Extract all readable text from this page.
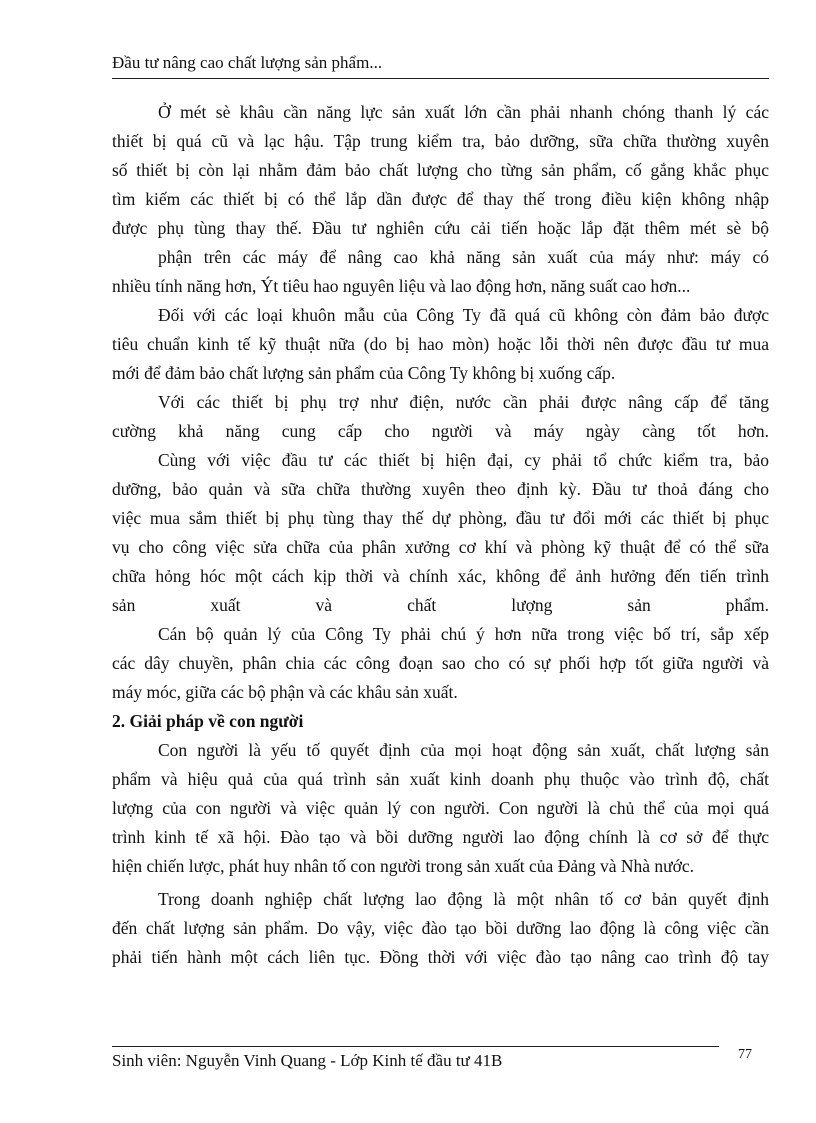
Đầu tư nâng cao chất lượng sản phẩm...
Ở mét sè khâu cần năng lực sản xuất lớn cần phải nhanh chóng thanh lý các
thiết bị quá cũ và lạc hậu. Tập trung kiểm tra, bảo dưỡng, sữa chữa thường xuyên
số thiết bị còn lại nhằm đảm bảo chất lượng cho từng sản phẩm, cố gắng khắc phục
tìm kiếm các thiết bị có thể lắp dần được để thay thế trong điều kiện không nhập
được phụ tùng thay thế. Đầu tư nghiên cứu cải tiến hoặc lắp đặt thêm mét sè bộ
phận trên các máy để nâng cao khả năng sản xuất của máy như: máy có
nhiều tính năng hơn, Ýt tiêu hao nguyên liệu và lao động hơn, năng suất cao hơn...
Đối với các loại khuôn mẫu của Công Ty đã quá cũ không còn đảm bảo được
tiêu chuẩn kinh tế kỹ thuật nữa (do bị hao mòn) hoặc lỗi thời nên được đầu tư mua
mới để đảm bảo chất lượng sản phẩm của Công Ty không bị xuống cấp.
Với các thiết bị phụ trợ như điện, nước cần phải được nâng cấp để tăng
cường khả năng cung cấp cho người và máy ngày càng tốt hơn.
Cùng với việc đầu tư các thiết bị hiện đại, cy phải tổ chức kiểm tra, bảo
dưỡng, bảo quản và sữa chữa thường xuyên theo định kỳ. Đầu tư thoả đáng cho
việc mua sắm thiết bị phụ tùng thay thế dự phòng, đầu tư đổi mới các thiết bị phục
vụ cho công việc sửa chữa của phân xưởng cơ khí và phòng kỹ thuật để có thể sữa
chữa hỏng hóc một cách kịp thời và chính xác, không để ảnh hưởng đến tiến trình
sản xuất và chất lượng sản phẩm.
Cán bộ quản lý của Công Ty phải chú ý hơn nữa trong việc bố trí, sắp xếp
các dây chuyền, phân chia các công đoạn sao cho có sự phối hợp tốt giữa người và
máy móc, giữa các bộ phận và các khâu sản xuất.
2. Giải pháp về con người
Con người là yếu tố quyết định của mọi hoạt động sản xuất, chất lượng sản
phẩm và hiệu quả của quá trình sản xuất kinh doanh phụ thuộc vào trình độ, chất
lượng của con người và việc quản lý con người. Con người là chủ thể của mọi quá
trình kinh tế xã hội. Đào tạo và bồi dưỡng người lao động chính là cơ sở để thực
hiện chiến lược, phát huy nhân tố con người trong sản xuất của Đảng và Nhà nước.
Trong doanh nghiệp chất lượng lao động là một nhân tố cơ bản quyết định
đến chất lượng sản phẩm. Do vậy, việc đào tạo bồi dưỡng lao động là công việc cần
phải tiến hành một cách liên tục. Đồng thời với việc đào tạo nâng cao trình độ tay
Sinh viên: Nguyễn Vinh Quang - Lớp Kinh tế đầu tư 41B	77
